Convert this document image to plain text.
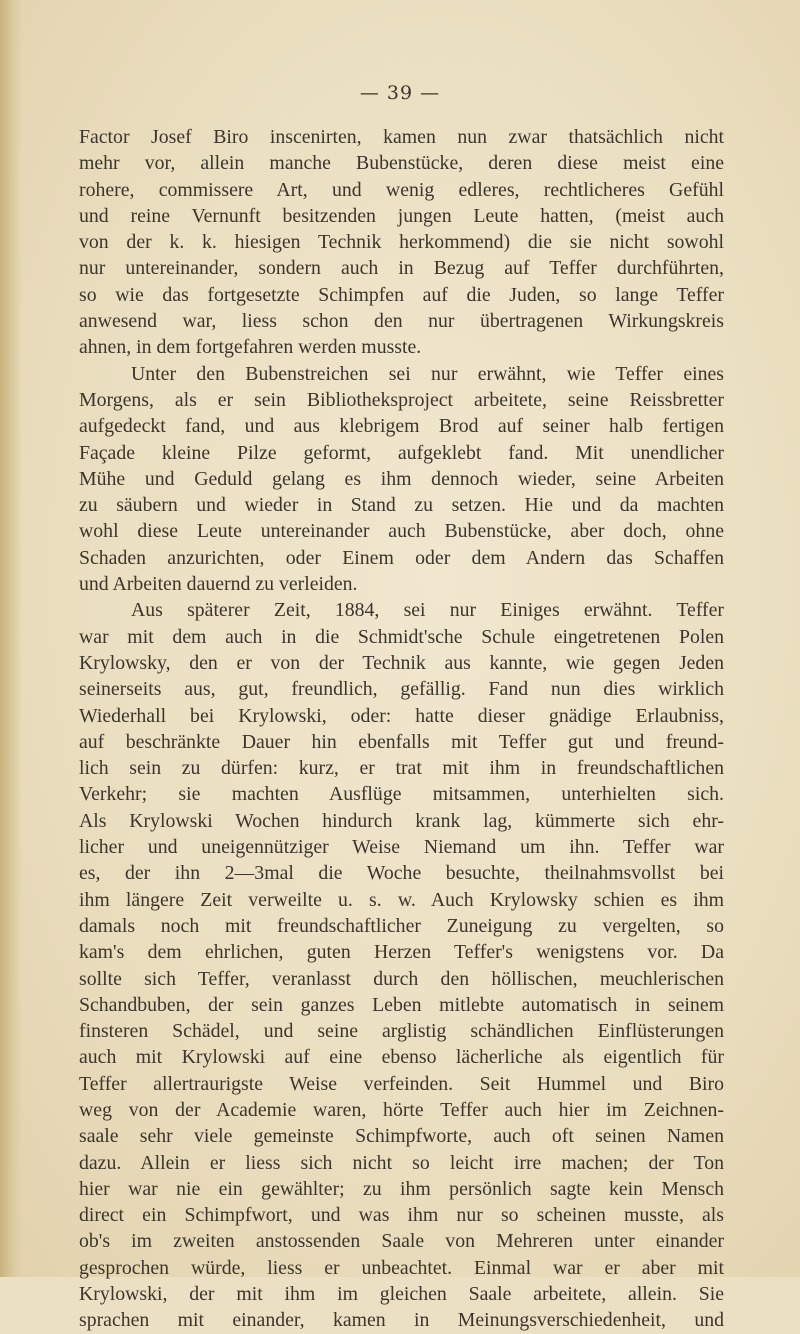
— 39 —
Factor Josef Biro inscenirten, kamen nun zwar thatsächlich nicht
mehr vor, allein manche Bubenstücke, deren diese meist eine
rohere, commissere Art, und wenig edleres, rechtlicheres Gefühl
und reine Vernunft besitzenden jungen Leute hatten, (meist auch
von der k. k. hiesigen Technik herkommend) die sie nicht sowohl
nur untereinander, sondern auch in Bezug auf Teffer durchführten,
so wie das fortgesetzte Schimpfen auf die Juden, so lange Teffer
anwesend war, liess schon den nur übertragenen Wirkungskreis
ahnen, in dem fortgefahren werden musste.
Unter den Bubenstreichen sei nur erwähnt, wie Teffer eines
Morgens, als er sein Bibliotheksproject arbeitete, seine Reissbretter
aufgedeckt fand, und aus klebrigem Brod auf seiner halb fertigen
Façade kleine Pilze geformt, aufgeklebt fand. Mit unendlicher
Mühe und Geduld gelang es ihm dennoch wieder, seine Arbeiten
zu säubern und wieder in Stand zu setzen. Hie und da machten
wohl diese Leute untereinander auch Bubenstücke, aber doch, ohne
Schaden anzurichten, oder Einem oder dem Andern das Schaffen
und Arbeiten dauernd zu verleiden.
Aus späterer Zeit, 1884, sei nur Einiges erwähnt. Teffer
war mit dem auch in die Schmidt'sche Schule eingetretenen Polen
Krylowsky, den er von der Technik aus kannte, wie gegen Jeden
seinerseits aus, gut, freundlich, gefällig. Fand nun dies wirklich
Wiederhall bei Krylowski, oder: hatte dieser gnädige Erlaubniss,
auf beschränkte Dauer hin ebenfalls mit Teffer gut und freund-
lich sein zu dürfen: kurz, er trat mit ihm in freundschaftlichen
Verkehr; sie machten Ausflüge mitsammen, unterhielten sich.
Als Krylowski Wochen hindurch krank lag, kümmerte sich ehr-
licher und uneigennütziger Weise Niemand um ihn. Teffer war
es, der ihn 2—3mal die Woche besuchte, theilnahmsvollst bei
ihm längere Zeit verweilte u. s. w. Auch Krylowsky schien es ihm
damals noch mit freundschaftlicher Zuneigung zu vergelten, so
kam's dem ehrlichen, guten Herzen Teffer's wenigstens vor. Da
sollte sich Teffer, veranlasst durch den höllischen, meuchlerischen
Schandbuben, der sein ganzes Leben mitlebte automatisch in seinem
finsteren Schädel, und seine arglistig schändlichen Einflüsterungen
auch mit Krylowski auf eine ebenso lächerliche als eigentlich für
Teffer allertraurigste Weise verfeinden. Seit Hummel und Biro
weg von der Academie waren, hörte Teffer auch hier im Zeichnen-
saale sehr viele gemeinste Schimpfworte, auch oft seinen Namen
dazu. Allein er liess sich nicht so leicht irre machen; der Ton
hier war nie ein gewählter; zu ihm persönlich sagte kein Mensch
direct ein Schimpfwort, und was ihm nur so scheinen musste, als
ob's im zweiten anstossenden Saale von Mehreren unter einander
gesprochen würde, liess er unbeachtet. Einmal war er aber mit
Krylowski, der mit ihm im gleichen Saale arbeitete, allein. Sie
sprachen mit einander, kamen in Meinungsverschiedenheit, und
